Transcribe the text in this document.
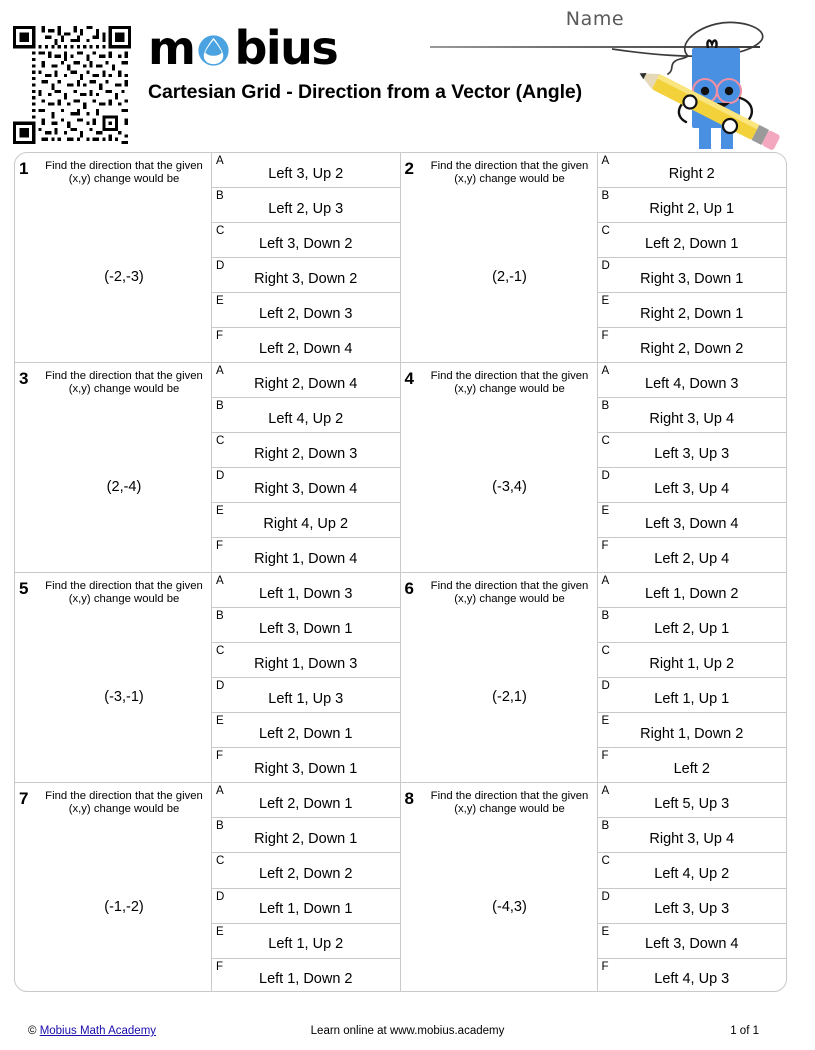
m bius
Cartesian Grid - Direction from a Vector (Angle)
Name
1	Find the direction that the given (x,y) change would be
(-2,-3)
A
Left 3, Up 2
B
Left 2, Up 3
C
Left 3, Down 2
D
Right 3, Down 2
E
Left 2, Down 3
F
Left 2, Down 4
2	Find the direction that the given (x,y) change would be
(2,-1)
A
Right 2
B
Right 2, Up 1
C
Left 2, Down 1
D
Right 3, Down 1
E
Right 2, Down 1
F
Right 2, Down 2
3	Find the direction that the given (x,y) change would be
(2,-4)
A
Right 2, Down 4
B
Left 4, Up 2
C
Right 2, Down 3
D
Right 3, Down 4
E
Right 4, Up 2
F
Right 1, Down 4
4	Find the direction that the given (x,y) change would be
(-3,4)
A
Left 4, Down 3
B
Right 3, Up 4
C
Left 3, Up 3
D
Left 3, Up 4
E
Left 3, Down 4
F
Left 2, Up 4
5	Find the direction that the given (x,y) change would be
(-3,-1)
A
Left 1, Down 3
B
Left 3, Down 1
C
Right 1, Down 3
D
Left 1, Up 3
E
Left 2, Down 1
F
Right 3, Down 1
6	Find the direction that the given (x,y) change would be
(-2,1)
A
Left 1, Down 2
B
Left 2, Up 1
C
Right 1, Up 2
D
Left 1, Up 1
E
Right 1, Down 2
F
Left 2
7	Find the direction that the given (x,y) change would be
(-1,-2)
A
Left 2, Down 1
B
Right 2, Down 1
C
Left 2, Down 2
D
Left 1, Down 1
E
Left 1, Up 2
F
Left 1, Down 2
8	Find the direction that the given (x,y) change would be
(-4,3)
A
Left 5, Up 3
B
Right 3, Up 4
C
Left 4, Up 2
D
Left 3, Up 3
E
Left 3, Down 4
F
Left 4, Up 3
© Mobius Math Academy	Learn online at www.mobius.academy	1 of 1
